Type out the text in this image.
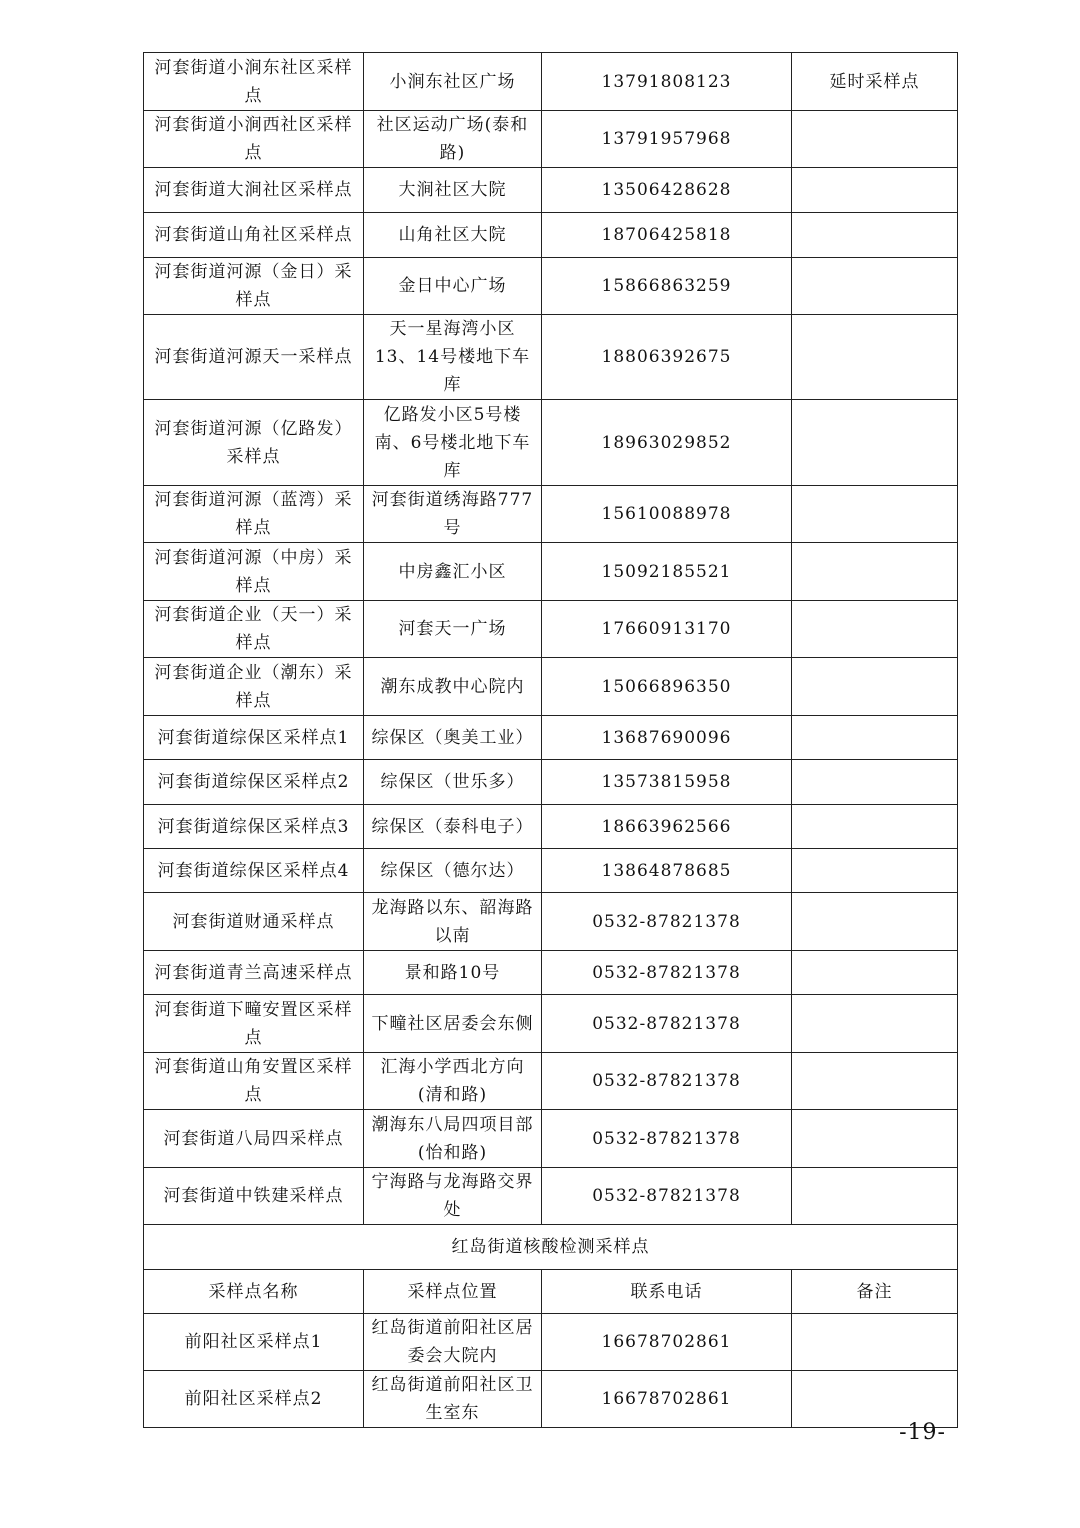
河套街道小涧东社区采样点	小涧东社区广场	13791808123	延时采样点
河套街道小涧西社区采样点	社区运动广场(泰和路)	13791957968	
河套街道大涧社区采样点	大涧社区大院	13506428628	
河套街道山角社区采样点	山角社区大院	18706425818	
河套街道河源（金日）采样点	金日中心广场	15866863259	
河套街道河源天一采样点	天一星海湾小区13、14号楼地下车库	18806392675	
河套街道河源（亿路发）采样点	亿路发小区5号楼南、6号楼北地下车库	18963029852	
河套街道河源（蓝湾）采样点	河套街道绣海路777号	15610088978	
河套街道河源（中房）采样点	中房鑫汇小区	15092185521	
河套街道企业（天一）采样点	河套天一广场	17660913170	
河套街道企业（潮东）采样点	潮东成教中心院内	15066896350	
河套街道综保区采样点1	综保区（奥美工业）	13687690096	
河套街道综保区采样点2	综保区（世乐多）	13573815958	
河套街道综保区采样点3	综保区（泰科电子）	18663962566	
河套街道综保区采样点4	综保区（德尔达）	13864878685	
河套街道财通采样点	龙海路以东、韶海路以南	0532-87821378	
河套街道青兰高速采样点	景和路10号	0532-87821378	
河套街道下疃安置区采样点	下疃社区居委会东侧	0532-87821378	
河套街道山角安置区采样点	汇海小学西北方向(清和路)	0532-87821378	
河套街道八局四采样点	潮海东八局四项目部(怡和路)	0532-87821378	
河套街道中铁建采样点	宁海路与龙海路交界处	0532-87821378	
红岛街道核酸检测采样点			
采样点名称	采样点位置	联系电话	备注
前阳社区采样点1	红岛街道前阳社区居委会大院内	16678702861	
前阳社区采样点2	红岛街道前阳社区卫生室东	16678702861	
-19-
